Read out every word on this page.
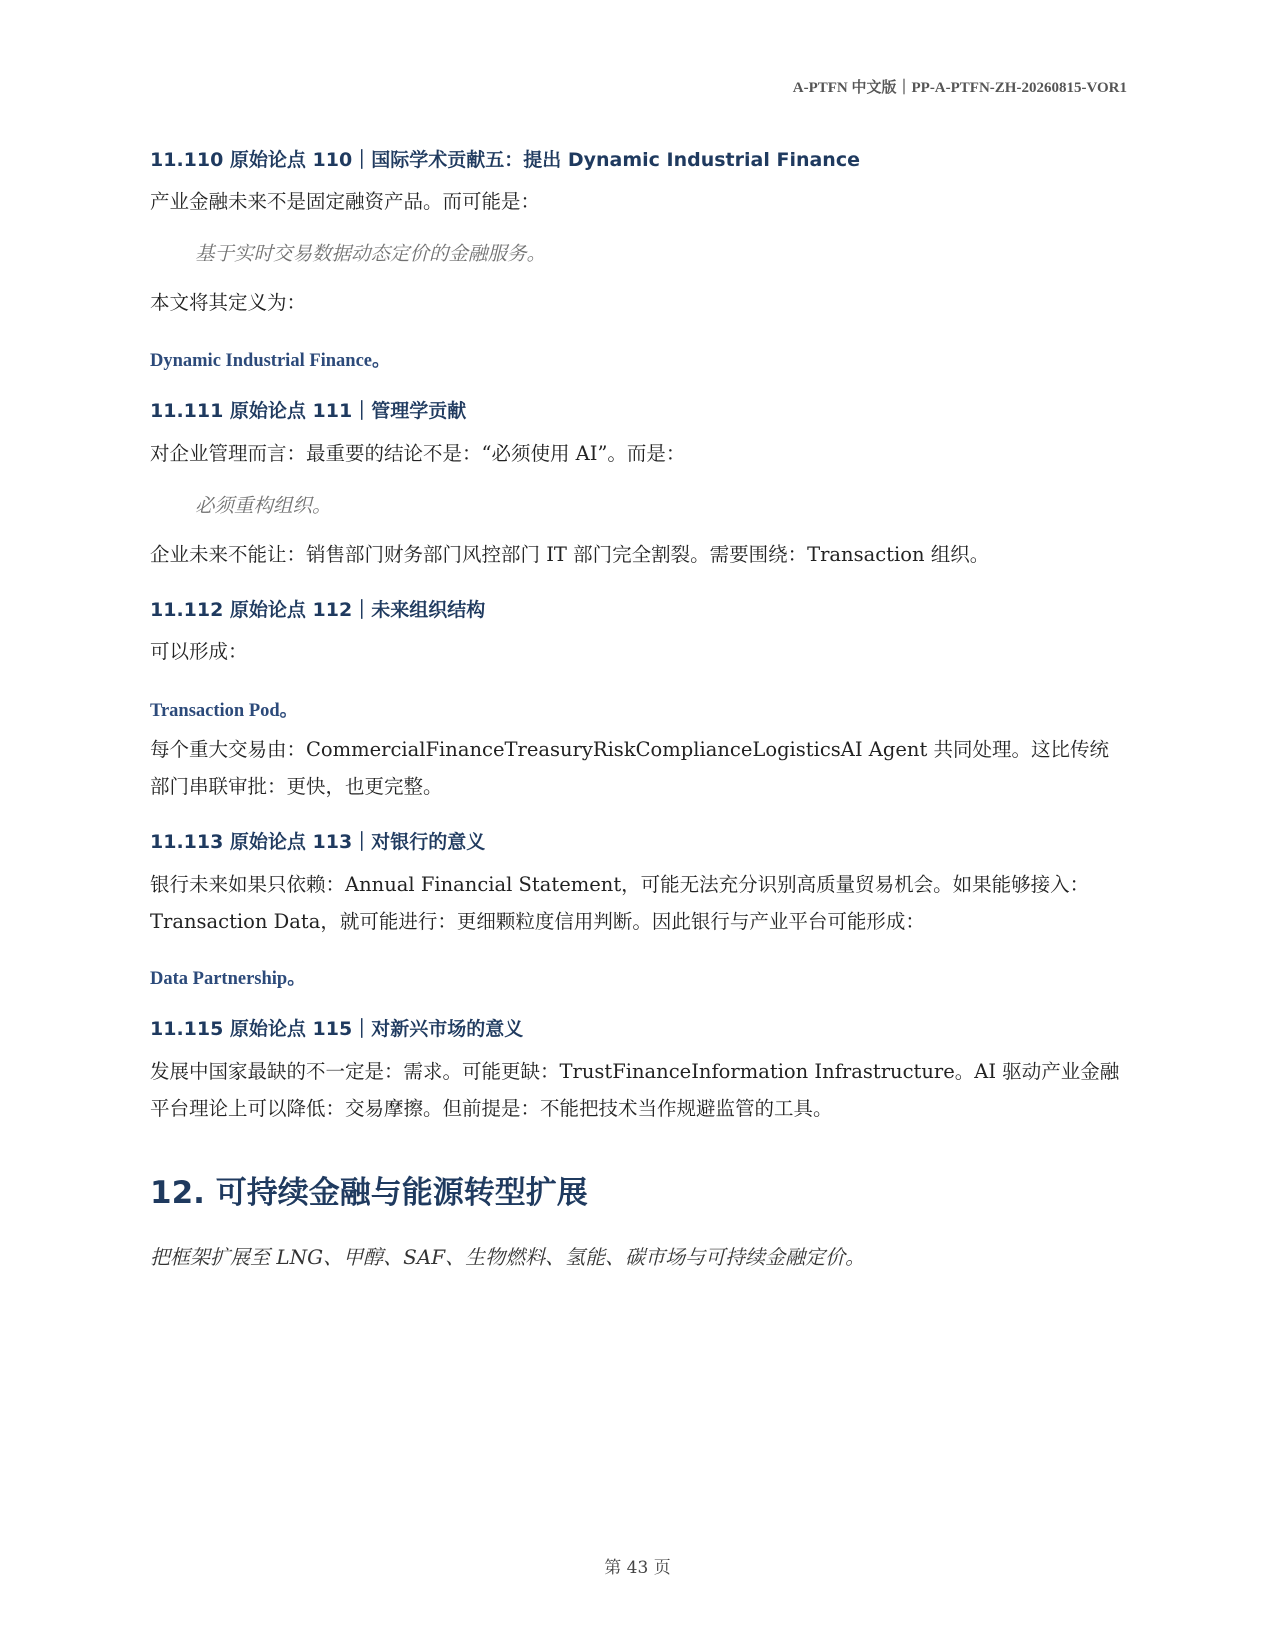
A-PTFN 中文版｜PP-A-PTFN-ZH-20260815-VOR1
11.110 原始论点 110｜国际学术贡献五：提出 Dynamic Industrial Finance
产业金融未来不是固定融资产品。而可能是：
基于实时交易数据动态定价的金融服务。
本文将其定义为：
Dynamic Industrial Finance。
11.111 原始论点 111｜管理学贡献
对企业管理而言：最重要的结论不是：“必须使用 AI”。而是：
必须重构组织。
企业未来不能让：销售部门财务部门风控部门 IT 部门完全割裂。需要围绕：Transaction 组织。
11.112 原始论点 112｜未来组织结构
可以形成：
Transaction Pod。
每个重大交易由：CommercialFinanceTreasuryRiskComplianceLogisticsAI Agent 共同处理。这比传统部门串联审批：更快，也更完整。
11.113 原始论点 113｜对银行的意义
银行未来如果只依赖：Annual Financial Statement，可能无法充分识别高质量贸易机会。如果能够接入：Transaction Data，就可能进行：更细颗粒度信用判断。因此银行与产业平台可能形成：
Data Partnership。
11.115 原始论点 115｜对新兴市场的意义
发展中国家最缺的不一定是：需求。可能更缺：TrustFinanceInformation Infrastructure。AI 驱动产业金融平台理论上可以降低：交易摩擦。但前提是：不能把技术当作规避监管的工具。
12. 可持续金融与能源转型扩展
把框架扩展至 LNG、甲醇、SAF、生物燃料、氢能、碳市场与可持续金融定价。
第 43 页
